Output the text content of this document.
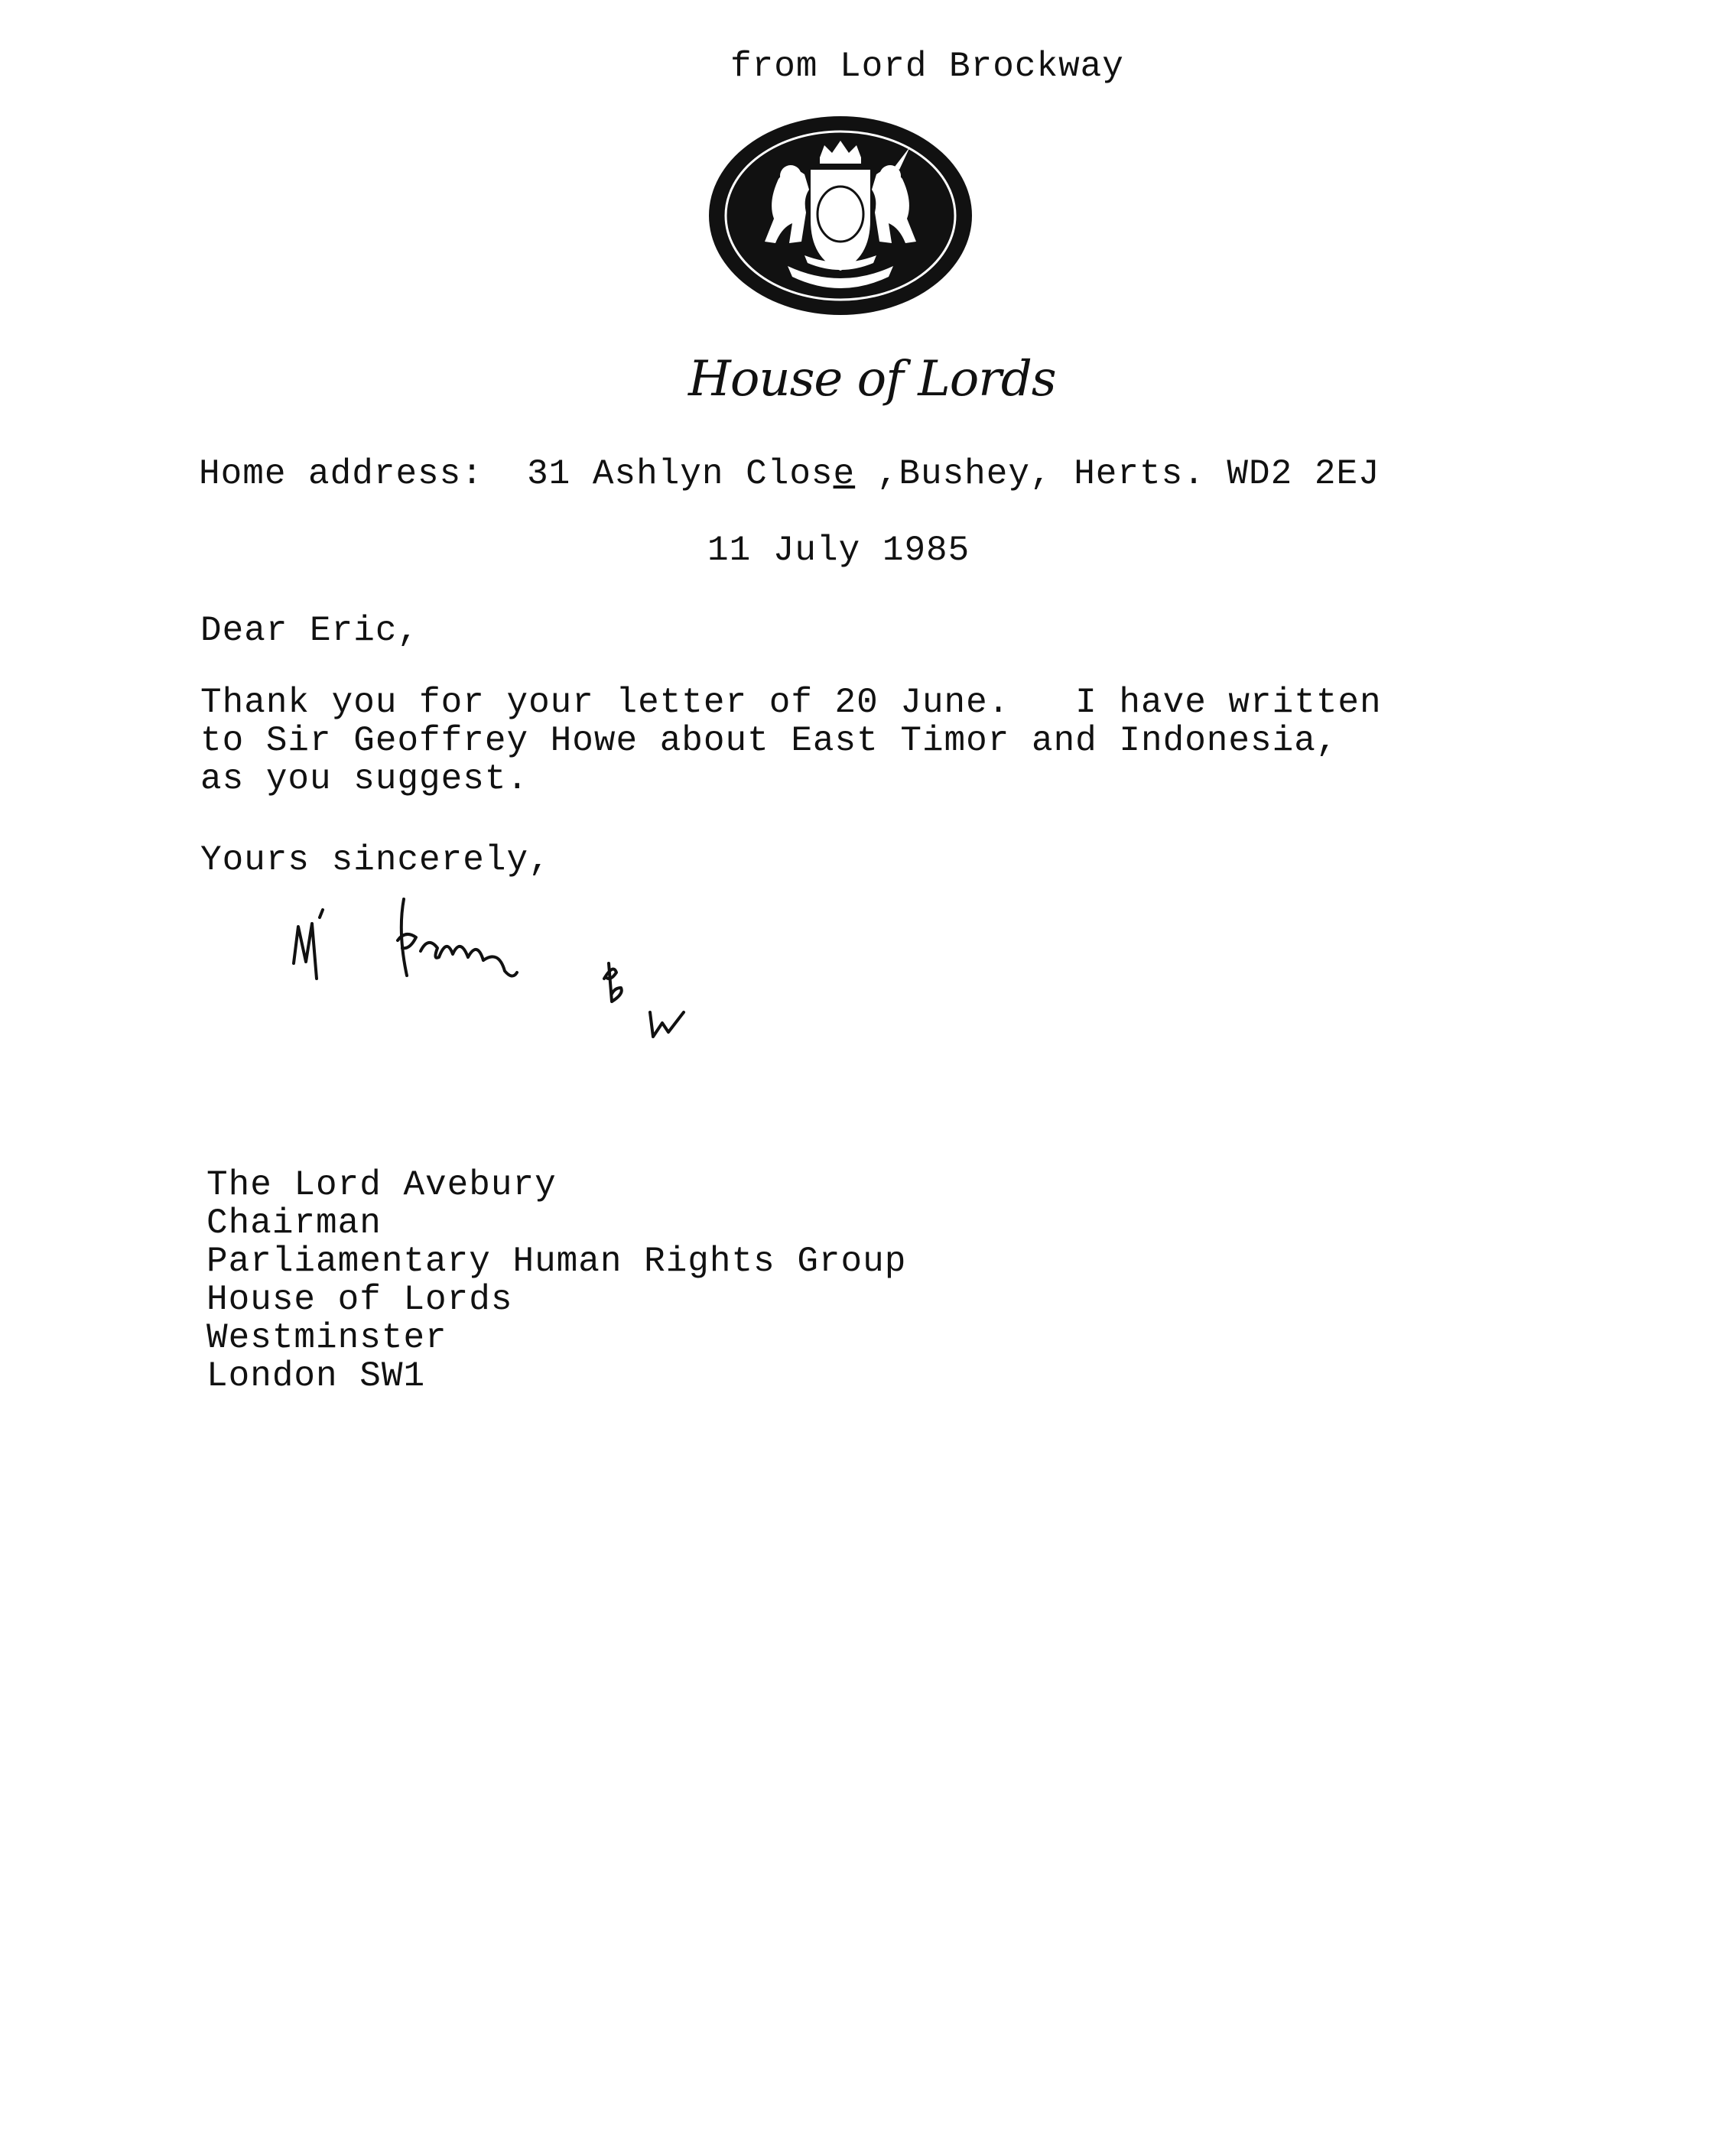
from Lord Brockway
House of Lords
Home address: 31 Ashlyn Close ,Bushey, Herts. WD2 2EJ
11 July 1985
Dear Eric,
Thank you for your letter of 20 June.   I have written
to Sir Geoffrey Howe about East Timor and Indonesia,
as you suggest.
Yours sincerely,
The Lord Avebury
Chairman
Parliamentary Human Rights Group
House of Lords
Westminster
London SW1
